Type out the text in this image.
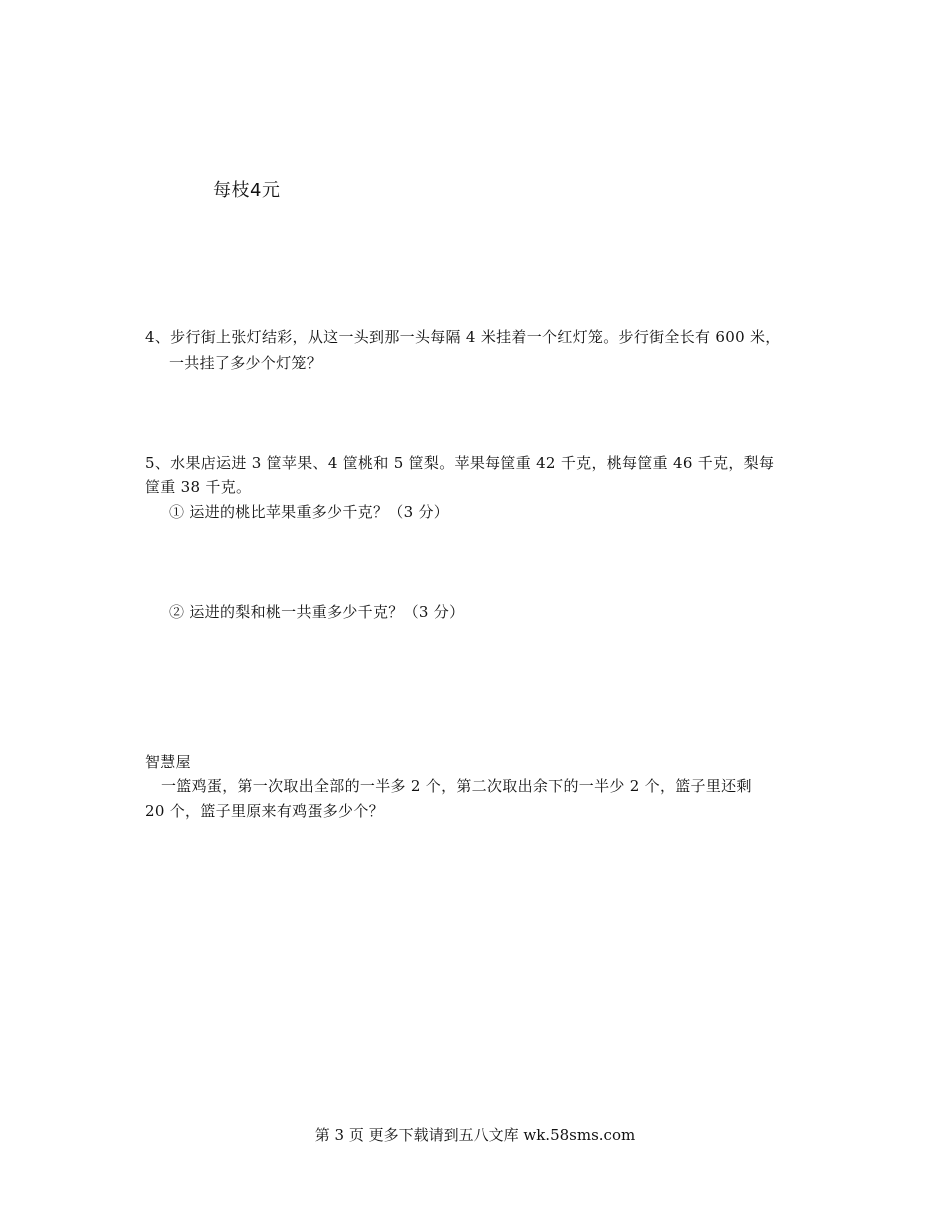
每枝4元
4、步行街上张灯结彩，从这一头到那一头每隔 4 米挂着一个红灯笼。步行街全长有 600 米，
一共挂了多少个灯笼？
5、水果店运进 3 筐苹果、4 筐桃和 5 筐梨。苹果每筐重 42 千克，桃每筐重 46 千克，梨每
筐重 38 千克。
① 运进的桃比苹果重多少千克？（3 分）
② 运进的梨和桃一共重多少千克？（3 分）
智慧屋
一篮鸡蛋，第一次取出全部的一半多 2 个，第二次取出余下的一半少 2 个，篮子里还剩
20 个，篮子里原来有鸡蛋多少个？
第 3 页 更多下载请到五八文库 wk.58sms.com
